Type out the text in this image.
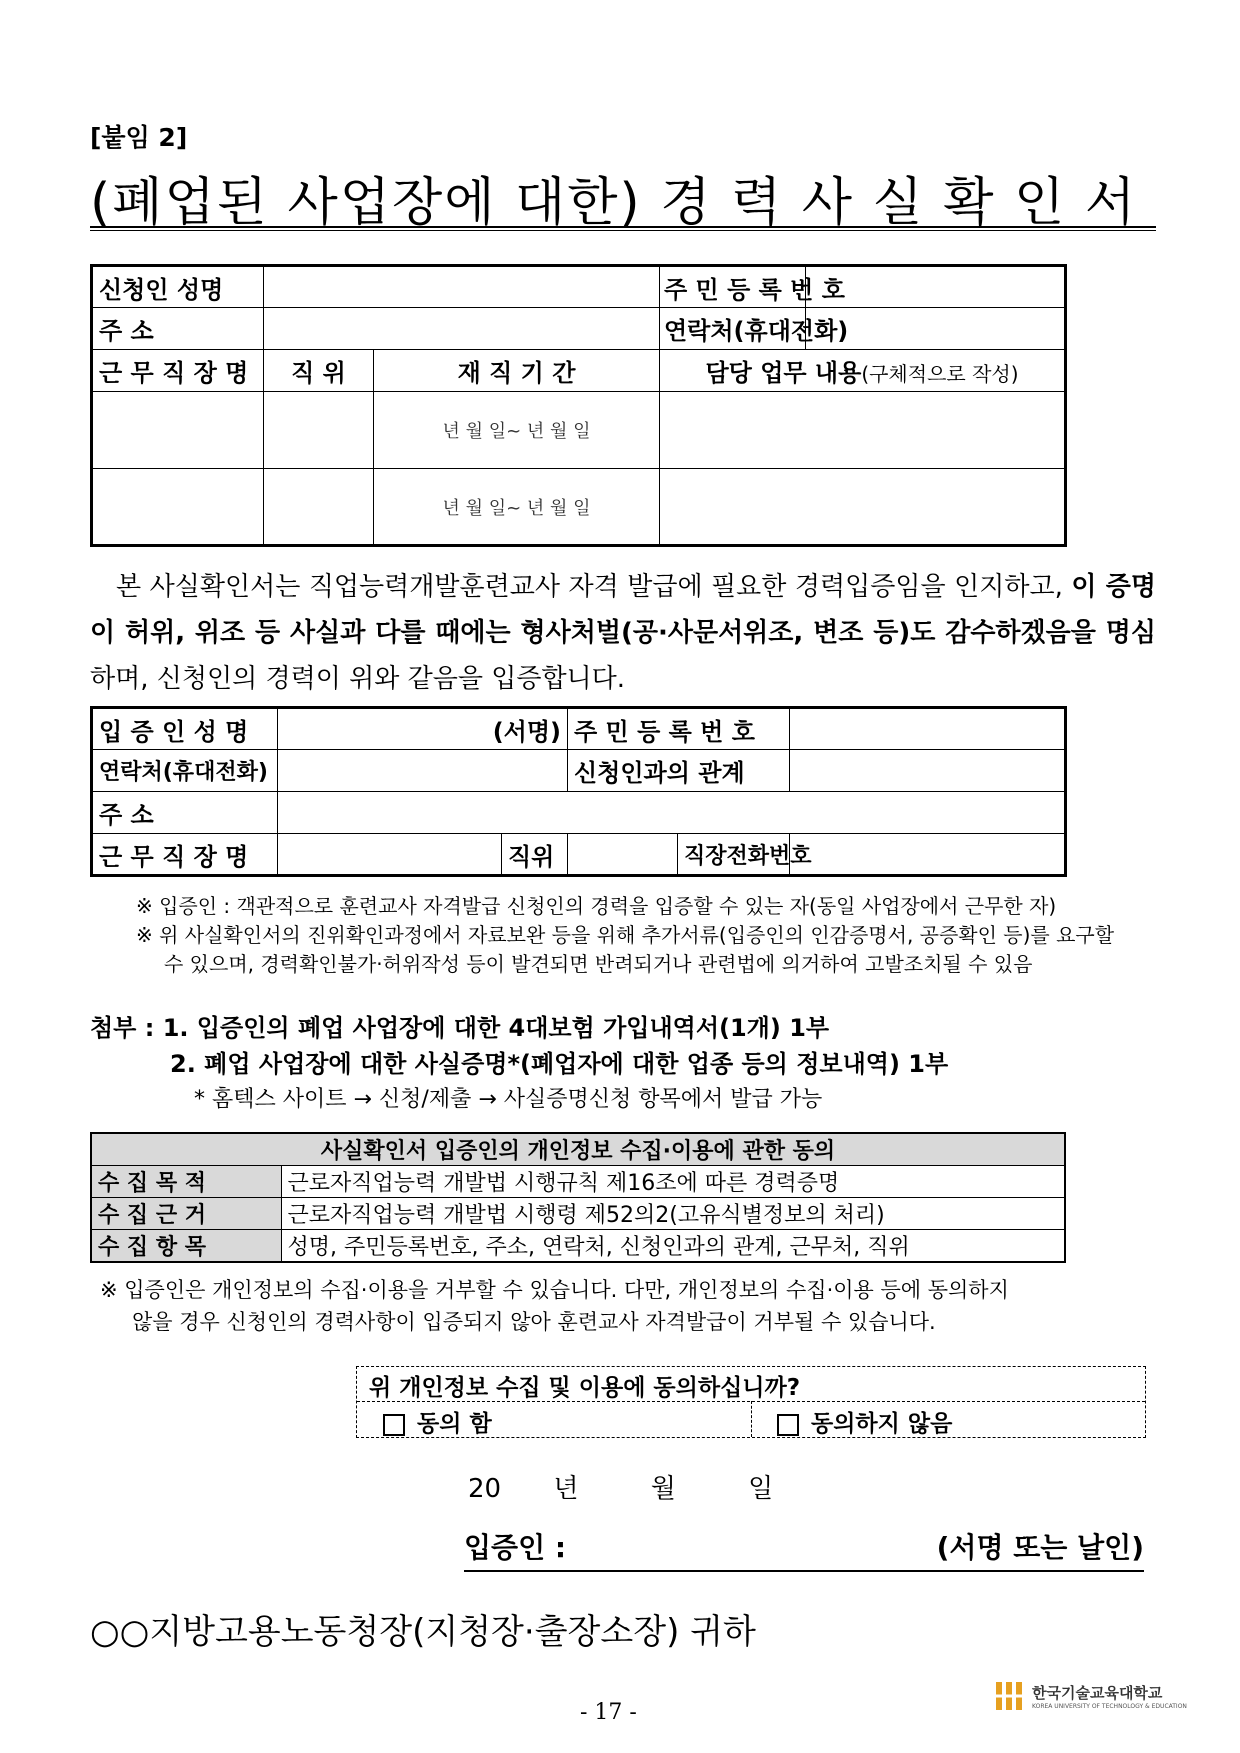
[붙임 2]
(폐업된 사업장에 대한) 경 력 사 실 확 인 서
신청인 성명			주 민 등 록 번 호	
주 소			연락처(휴대전화)	
근 무 직 장 명	직 위	재 직 기 간	담당 업무 내용(구체적으로 작성)	
		년 월 일~ 년 월 일		
		년 월 일~ 년 월 일		
본 사실확인서는 직업능력개발훈련교사 자격 발급에 필요한 경력입증임을 인지하고, 이 증명이 허위, 위조 등 사실과 다를 때에는 형사처벌(공·사문서위조, 변조 등)도 감수하겠음을 명심하며, 신청인의 경력이 위와 같음을 입증합니다.
입 증 인 성 명	(서명)		주 민 등 록 번 호		
연락처(휴대전화)			신청인과의 관계		
주 소					
근 무 직 장 명		직위		직장전화번호	
※ 입증인 : 객관적으로 훈련교사 자격발급 신청인의 경력을 입증할 수 있는 자(동일 사업장에서 근무한 자)
※ 위 사실확인서의 진위확인과정에서 자료보완 등을 위해 추가서류(입증인의 인감증명서, 공증확인 등)를 요구할
수 있으며, 경력확인불가·허위작성 등이 발견되면 반려되거나 관련법에 의거하여 고발조치될 수 있음
첨부 : 1. 입증인의 폐업 사업장에 대한 4대보험 가입내역서(1개) 1부
2. 폐업 사업장에 대한 사실증명*(폐업자에 대한 업종 등의 정보내역) 1부
* 홈텍스 사이트 → 신청/제출 → 사실증명신청 항목에서 발급 가능
사실확인서 입증인의 개인정보 수집·이용에 관한 동의	
수 집 목 적	근로자직업능력 개발법 시행규칙 제16조에 따른 경력증명
수 집 근 거	근로자직업능력 개발법 시행령 제52의2(고유식별정보의 처리)
수 집 항 목	성명, 주민등록번호, 주소, 연락처, 신청인과의 관계, 근무처, 직위
※ 입증인은 개인정보의 수집·이용을 거부할 수 있습니다. 다만, 개인정보의 수집·이용 등에 동의하지
않을 경우 신청인의 경력사항이 입증되지 않아 훈련교사 자격발급이 거부될 수 있습니다.
위 개인정보 수집 및 이용에 동의하십니까?
동의 함	동의하지 않음
20 년	월	일
입증인 :	(서명 또는 날인)
○○지방고용노동청장(지청장·출장소장) 귀하
- 17 -
한국기술교육대학교
KOREA UNIVERSITY OF TECHNOLOGY & EDUCATION
